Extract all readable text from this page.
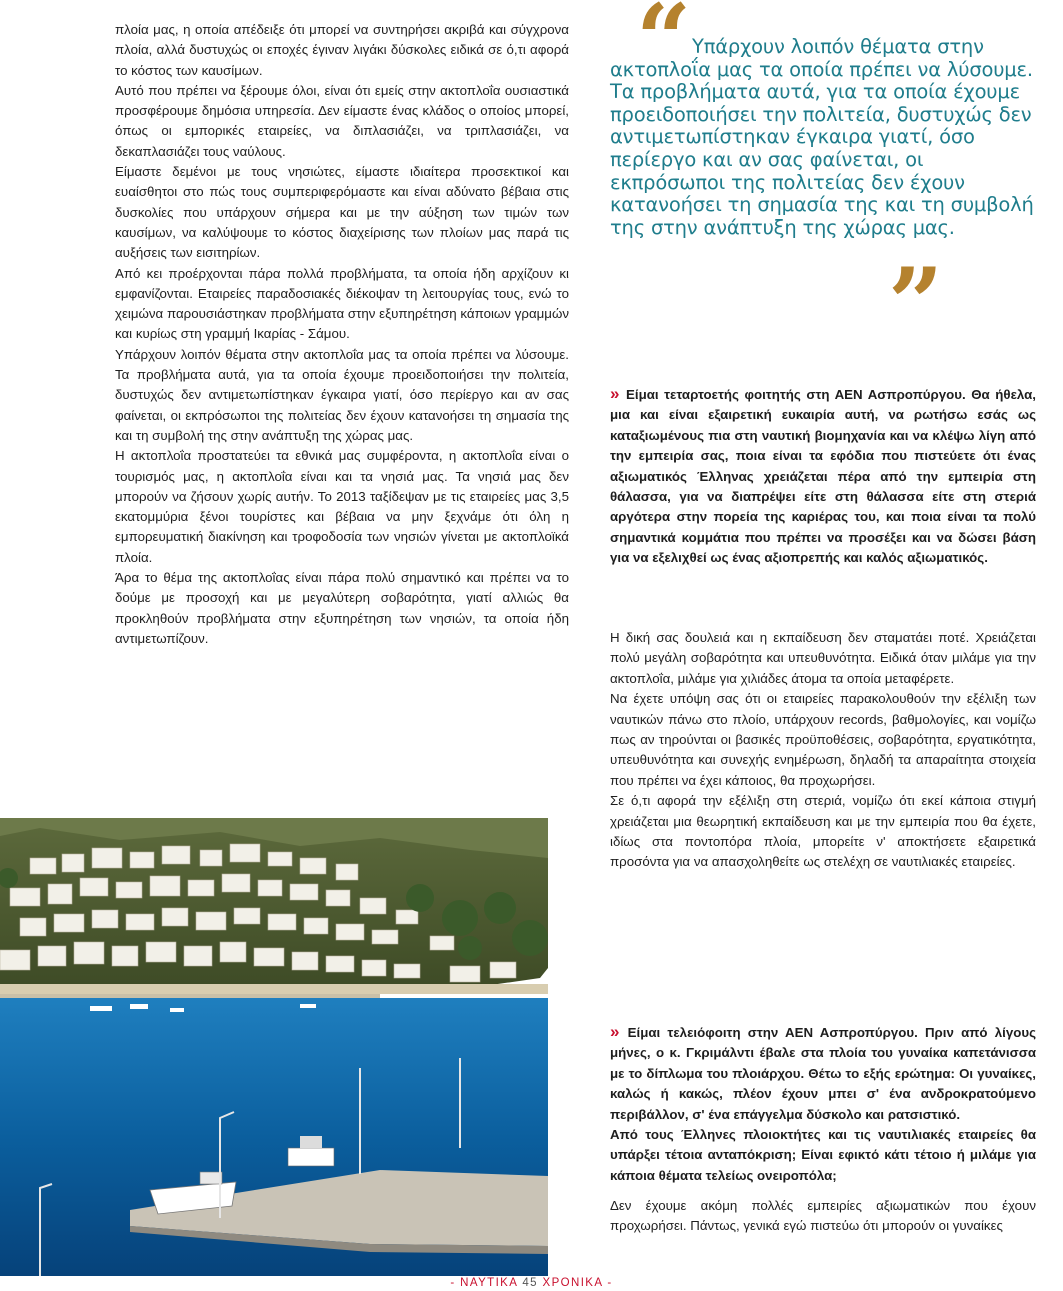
πλοία μας, η οποία απέδειξε ότι μπορεί να συντηρήσει ακριβά και σύγχρονα πλοία, αλλά δυστυχώς οι εποχές έγιναν λιγάκι δύσκολες ειδικά σε ό,τι αφορά το κόστος των καυσίμων.

Αυτό που πρέπει να ξέρουμε όλοι, είναι ότι εμείς στην ακτοπλοΐα ουσιαστικά προσφέρουμε δημόσια υπηρεσία. Δεν είμαστε ένας κλάδος ο οποίος μπορεί, όπως οι εμπορικές εταιρείες, να διπλασιάζει, να τριπλασιάζει, να δεκαπλασιάζει τους ναύλους.

Είμαστε δεμένοι με τους νησιώτες, είμαστε ιδιαίτερα προσεκτικοί και ευαίσθητοι στο πώς τους συμπεριφερόμαστε και είναι αδύνατο βέβαια στις δυσκολίες που υπάρχουν σήμερα και με την αύξηση των τιμών των καυσίμων, να καλύψουμε το κόστος διαχείρισης των πλοίων μας παρά τις αυξήσεις των εισιτηρίων.

Από κει προέρχονται πάρα πολλά προβλήματα, τα οποία ήδη αρχίζουν κι εμφανίζονται. Εταιρείες παραδοσιακές διέκοψαν τη λειτουργίας τους, ενώ το χειμώνα παρουσιάστηκαν προβλήματα στην εξυπηρέτηση κάποιων γραμμών και κυρίως στη γραμμή Ικαρίας - Σάμου.

Υπάρχουν λοιπόν θέματα στην ακτοπλοΐα μας τα οποία πρέπει να λύσουμε. Τα προβλήματα αυτά, για τα οποία έχουμε προειδοποιήσει την πολιτεία, δυστυχώς δεν αντιμετωπίστηκαν έγκαιρα γιατί, όσο περίεργο και αν σας φαίνεται, οι εκπρόσωποι της πολιτείας δεν έχουν κατανοήσει τη σημασία της και τη συμβολή της στην ανάπτυξη της χώρας μας.

Η ακτοπλοΐα προστατεύει τα εθνικά μας συμφέροντα, η ακτοπλοΐα είναι ο τουρισμός μας, η ακτοπλοΐα είναι και τα νησιά μας. Τα νησιά μας δεν μπορούν να ζήσουν χωρίς αυτήν. Το 2013 ταξίδεψαν με τις εταιρείες μας 3,5 εκατομμύρια ξένοι τουρίστες και βέβαια να μην ξεχνάμε ότι όλη η εμπορευματική διακίνηση και τροφοδοσία των νησιών γίνεται με ακτοπλοϊκά πλοία.

Άρα το θέμα της ακτοπλοΐας είναι πάρα πολύ σημαντικό και πρέπει να το δούμε με προσοχή και με μεγαλύτερη σοβαρότητα, γιατί αλλιώς θα προκληθούν προβλήματα στην εξυπηρέτηση των νησιών, τα οποία ήδη αντιμετωπίζουν.

“ Υπάρχουν λοιπόν θέματα στην ακτοπλοΐα μας τα οποία πρέπει να λύσουμε. Τα προβλήματα αυτά, για τα οποία έχουμε προειδοποιήσει την πολιτεία, δυστυχώς δεν αντιμετωπίστηκαν έγκαιρα γιατί, όσο περίεργο και αν σας φαίνεται, οι εκπρόσωποι της πολιτείας δεν έχουν κατανοήσει τη σημασία της και τη συμβολή της στην ανάπτυξη της χώρας μας.

”

» Είμαι τεταρτοετής φοιτητής στη ΑΕΝ Ασπροπύργου. Θα ήθελα, μια και είναι εξαιρετική ευκαιρία αυτή, να ρωτήσω εσάς ως καταξιωμένους πια στη ναυτική βιομηχανία και να κλέψω λίγη από την εμπειρία σας, ποια είναι τα εφόδια που πιστεύετε ότι ένας αξιωματικός Έλληνας χρειάζεται πέρα από την εμπειρία στη θάλασσα, για να διαπρέψει είτε στη θάλασσα είτε στη στεριά αργότερα στην πορεία της καριέρας του, και ποια είναι τα πολύ σημαντικά κομμάτια που πρέπει να προσέξει και να δώσει βάση για να εξελιχθεί ως ένας αξιοπρεπής και καλός αξιωματικός.

Η δική σας δουλειά και η εκπαίδευση δεν σταματάει ποτέ. Χρειάζεται πολύ μεγάλη σοβαρότητα και υπευθυνότητα. Ειδικά όταν μιλάμε για την ακτοπλοΐα, μιλάμε για χιλιάδες άτομα τα οποία μεταφέρετε.

Να έχετε υπόψη σας ότι οι εταιρείες παρακολουθούν την εξέλιξη των ναυτικών πάνω στο πλοίο, υπάρχουν records, βαθμολογίες, και νομίζω πως αν τηρούνται οι βασικές προϋποθέσεις, σοβαρότητα, εργατικότητα, υπευθυνότητα και συνεχής ενημέρωση, δηλαδή τα απαραίτητα στοιχεία που πρέπει να έχει κάποιος, θα προχωρήσει.

Σε ό,τι αφορά την εξέλιξη στη στεριά, νομίζω ότι εκεί κάποια στιγμή χρειάζεται μια θεωρητική εκπαίδευση και με την εμπειρία που θα έχετε, ιδίως στα ποντοπόρα πλοία, μπορείτε ν' αποκτήσετε εξαιρετικά προσόντα για να απασχοληθείτε ως στελέχη σε ναυτιλιακές εταιρείες.

» Είμαι τελειόφοιτη στην ΑΕΝ Ασπροπύργου. Πριν από λίγους μήνες, ο κ. Γκριμάλντι έβαλε στα πλοία του γυναίκα καπετάνισσα με το δίπλωμα του πλοιάρχου. Θέτω το εξής ερώτημα: Οι γυναίκες, καλώς ή κακώς, πλέον έχουν μπει σ' ένα ανδροκρατούμενο περιβάλλον, σ' ένα επάγγελμα δύσκολο και ρατσιστικό.

Από τους Έλληνες πλοιοκτήτες και τις ναυτιλιακές εταιρείες θα υπάρξει τέτοια ανταπόκριση; Είναι εφικτό κάτι τέτοιο ή μιλάμε για κάποια θέματα τελείως ονειροπόλα;

Δεν έχουμε ακόμη πολλές εμπειρίες αξιωματικών που έχουν προχωρήσει. Πάντως, γενικά εγώ πιστεύω ότι μπορούν οι γυναίκες

- ΝΑΥΤΙΚΑ 45 ΧΡΟΝΙΚΑ -
